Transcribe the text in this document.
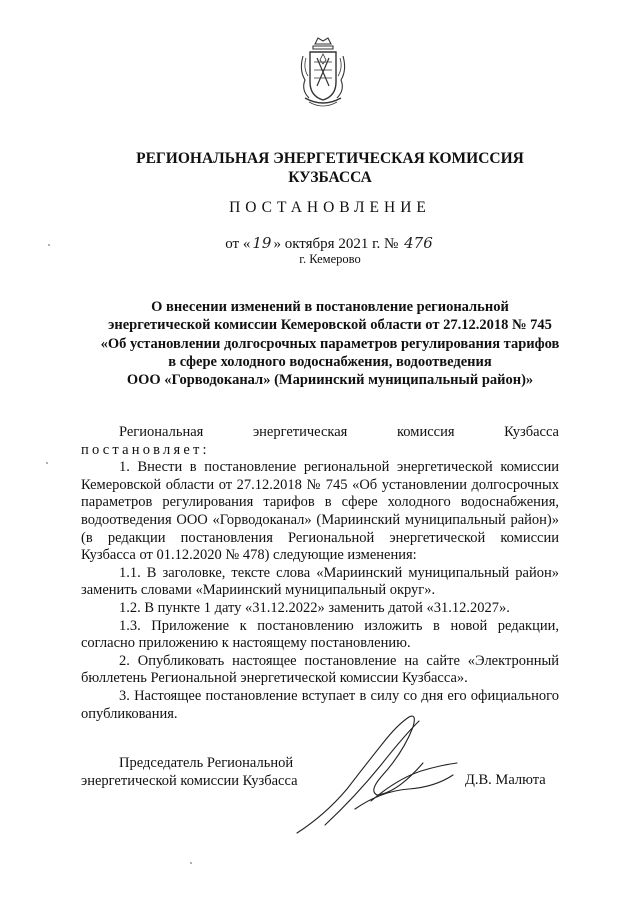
РЕГИОНАЛЬНАЯ ЭНЕРГЕТИЧЕСКАЯ КОМИССИЯ
КУЗБАССА
ПОСТАНОВЛЕНИЕ
от « 19 » октября 2021 г. № 476
г. Кемерово
О внесении изменений в постановление региональной
энергетической комиссии Кемеровской области от 27.12.2018 № 745
«Об установлении долгосрочных параметров регулирования тарифов
в сфере холодного водоснабжения, водоотведения
ООО «Горводоканал» (Мариинский муниципальный район)»
Региональная	энергетическая	комиссия	Кузбасса

постановляет:

1. Внести в постановление региональной энергетической комиссии Кемеровской области от 27.12.2018 № 745 «Об установлении долгосрочных параметров регулирования тарифов в сфере холодного водоснабжения, водоотведения ООО «Горводоканал» (Мариинский муниципальный район)» (в редакции постановления Региональной энергетической комиссии Кузбасса от 01.12.2020 № 478) следующие изменения:

1.1. В заголовке, тексте слова «Мариинский муниципальный район» заменить словами «Мариинский муниципальный округ».

1.2. В пункте 1 дату «31.12.2022» заменить датой «31.12.2027».

1.3. Приложение к постановлению изложить в новой редакции, согласно приложению к настоящему постановлению.

2. Опубликовать настоящее постановление на сайте «Электронный бюллетень Региональной энергетической комиссии Кузбасса».

3. Настоящее постановление вступает в силу со дня его официального опубликования.

Председатель Региональной
энергетической комиссии Кузбасса	Д.В. Малюта
